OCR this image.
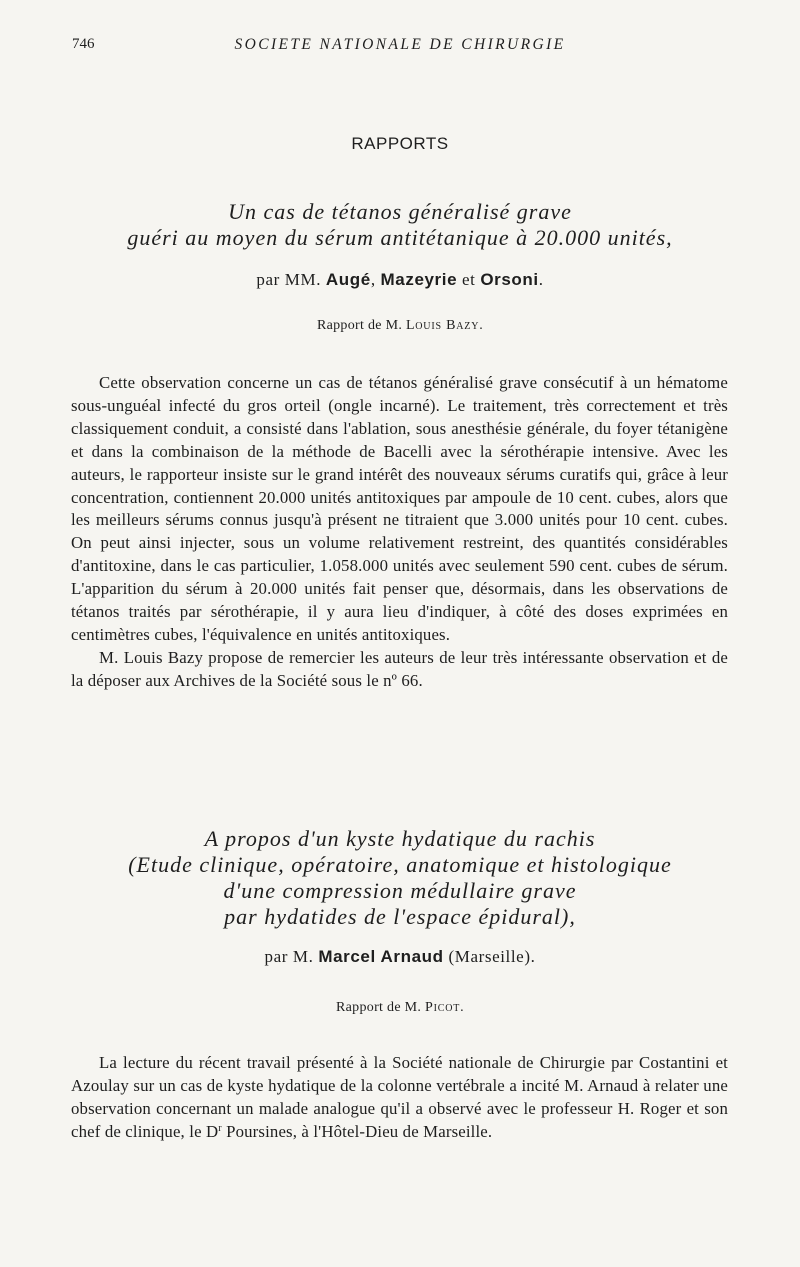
746	SOCIETE NATIONALE DE CHIRURGIE
RAPPORTS
Un cas de tétanos généralisé grave
guéri au moyen du sérum antitétanique à 20.000 unités,
par MM. Augé, Mazeyrie et Orsoni.
Rapport de M. Louis Bazy.

Cette observation concerne un cas de tétanos généralisé grave consécutif à un hématome sous-unguéal infecté du gros orteil (ongle incarné). Le traitement, très correctement et très classiquement conduit, a consisté dans l'ablation, sous anesthésie générale, du foyer tétanigène et dans la combinaison de la méthode de Bacelli avec la sérothérapie intensive. Avec les auteurs, le rapporteur insiste sur le grand intérêt des nouveaux sérums curatifs qui, grâce à leur concentration, contiennent 20.000 unités antitoxiques par ampoule de 10 cent. cubes, alors que les meilleurs sérums connus jusqu'à présent ne titraient que 3.000 unités pour 10 cent. cubes. On peut ainsi injecter, sous un volume relativement restreint, des quantités considérables d'antitoxine, dans le cas particulier, 1.058.000 unités avec seulement 590 cent. cubes de sérum. L'apparition du sérum à 20.000 unités fait penser que, désormais, dans les observations de tétanos traités par sérothérapie, il y aura lieu d'indiquer, à côté des doses exprimées en centimètres cubes, l'équivalence en unités antitoxiques.

M. Louis Bazy propose de remercier les auteurs de leur très intéressante observation et de la déposer aux Archives de la Société sous le nº 66.

A propos d'un kyste hydatique du rachis
(Etude clinique, opératoire, anatomique et histologique
d'une compression médullaire grave
par hydatides de l'espace épidural),
par M. Marcel Arnaud (Marseille).
Rapport de M. Picot.

La lecture du récent travail présenté à la Société nationale de Chirurgie par Costantini et Azoulay sur un cas de kyste hydatique de la colonne vertébrale a incité M. Arnaud à relater une observation concernant un malade analogue qu'il a observé avec le professeur H. Roger et son chef de clinique, le $D^r$ Poursines, à l'Hôtel-Dieu de Marseille.
